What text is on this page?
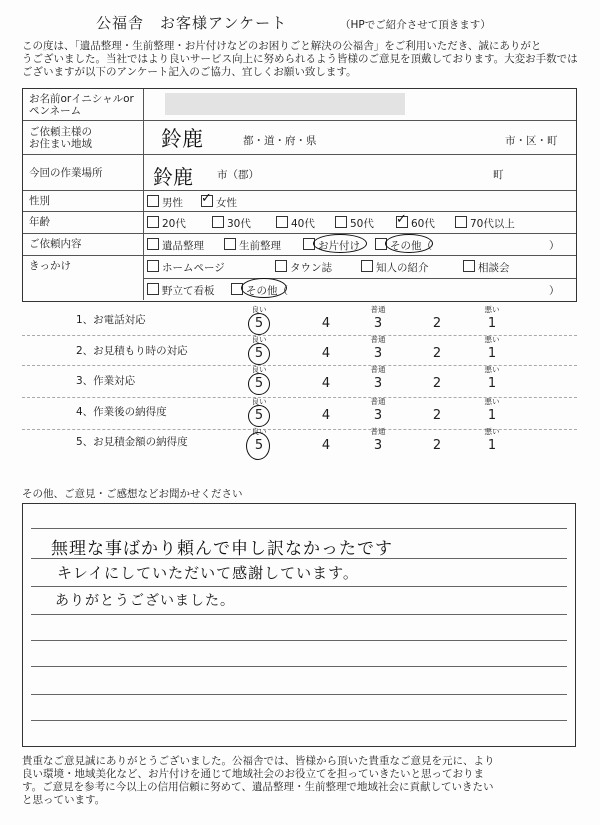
公福舎　お客様アンケート	（HPでご紹介させて頂きます）
この度は、「遺品整理・生前整理・お片付けなどのお困りごと解決の公福舎」をご利用いただき、誠にありがと
うございました。当社ではより良いサービス向上に努められるよう皆様のご意見を頂戴しております。大変お手数では
ございますが以下のアンケート記入のご協力、宜しくお願い致します。
お名前orイニシャルorペンネーム
ご依頼主様の
お住まい地域	鈴鹿	都・道・府・県	市・区・町
今回の作業場所	鈴鹿 市（郡）	町
性別	男性 ✓ 女性
年齢	20代	30代	40代	50代 ✓ 60代	70代以上
ご依頼内容	遺品整理	生前整理	お片付け	その他（	）
きっかけ	ホームページ	タウン誌	知人の紹介	相談会
野立て看板	その他（	）
1、お電話対応
良い	普通	悪い
5	4	3	2	1
2、お見積もり時の対応
良い	普通	悪い
5	4	3	2	1
3、作業対応
良い	普通	悪い
5	4	3	2	1
4、作業後の納得度
良い	普通	悪い
5	4	3	2	1
5、お見積金額の納得度
良い	普通	悪い
5	4	3	2	1
その他、ご意見・ご感想などお聞かせください
無理な事ばかり頼んで申し訳なかったです
キレイにしていただいて感謝しています。
ありがとうございました。
貴重なご意見誠にありがとうございました。公福舎では、皆様から頂いた貴重なご意見を元に、より
良い環境・地域美化など、お片付けを通じて地域社会のお役立てを担っていきたいと思っておりま
す。ご意見を参考に今以上の信用信頼に努めて、遺品整理・生前整理で地域社会に貢献していきたい
と思っています。
